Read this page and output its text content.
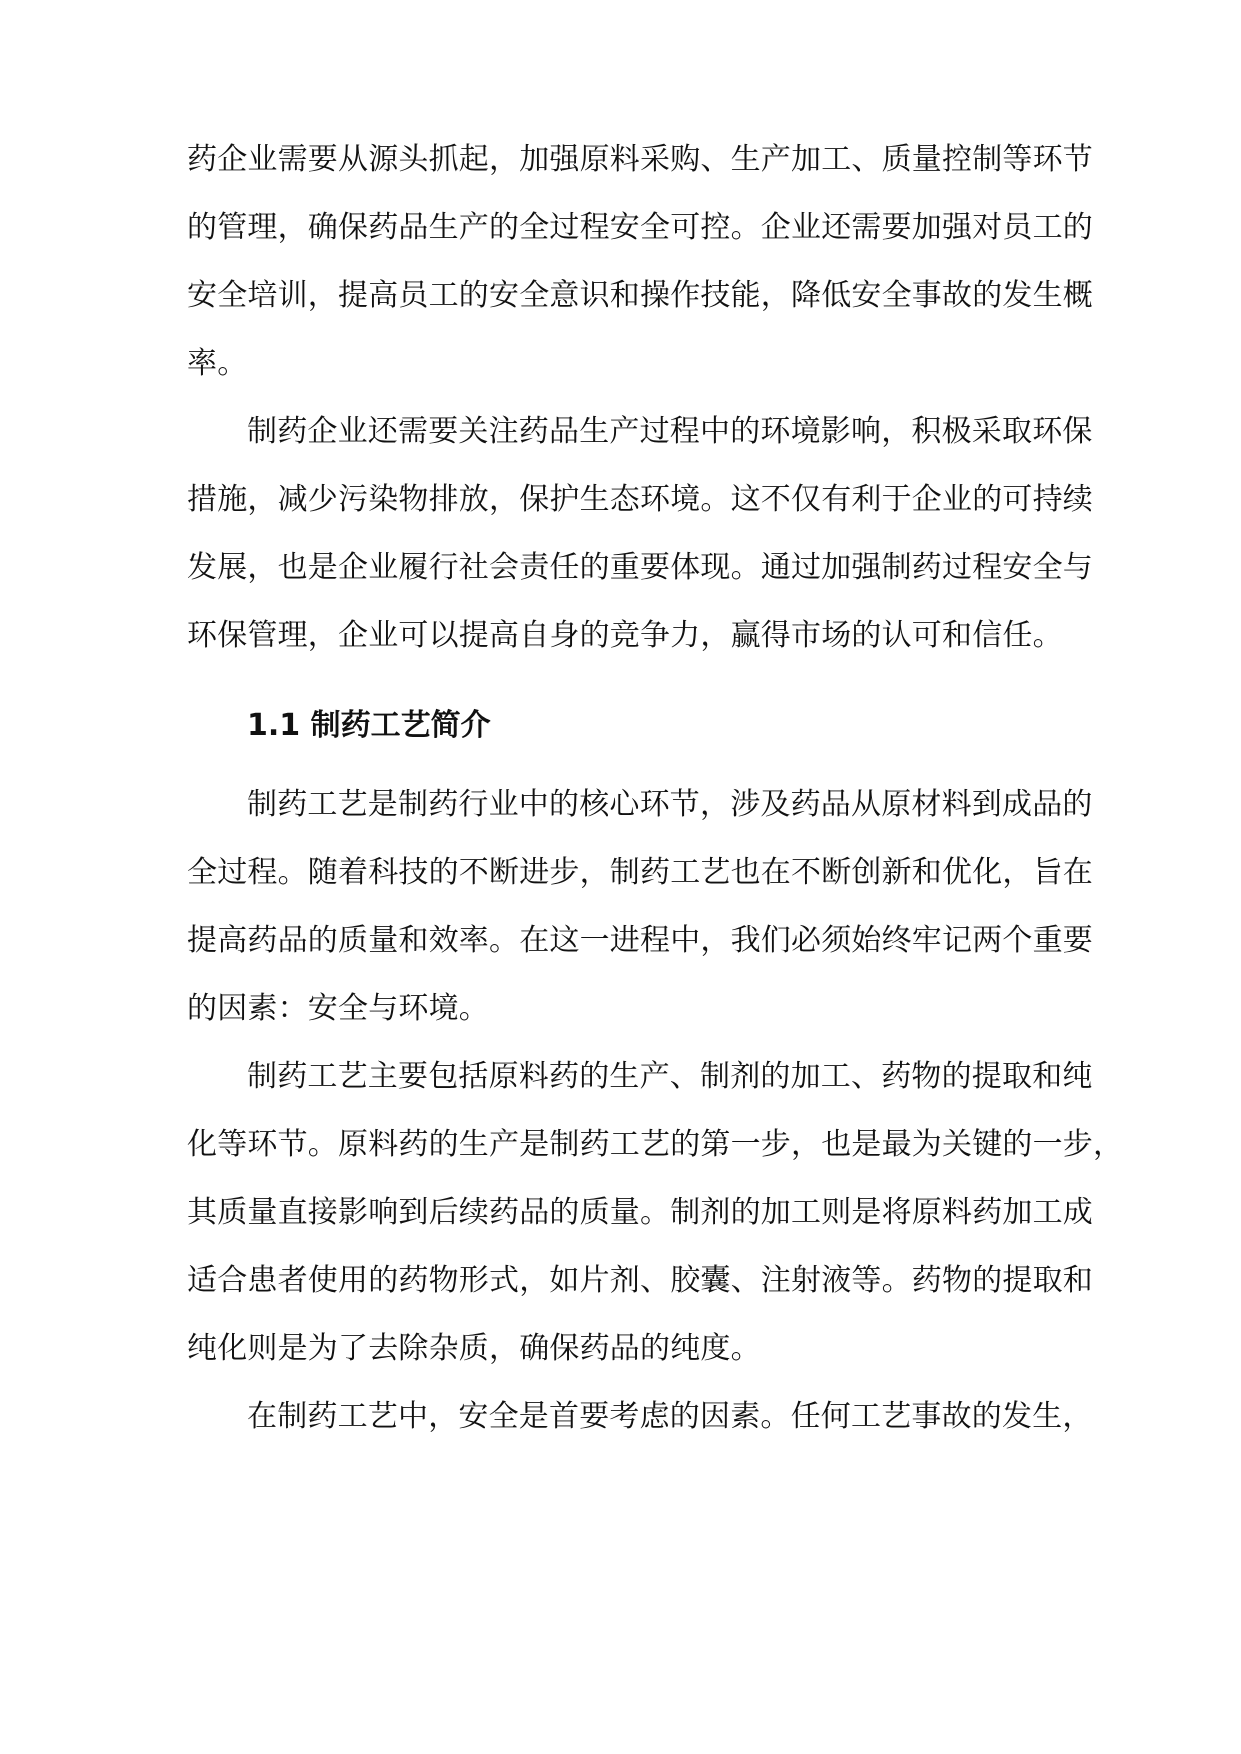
药企业需要从源头抓起，加强原料采购、生产加工、质量控制等环节
的管理，确保药品生产的全过程安全可控。企业还需要加强对员工的
安全培训，提高员工的安全意识和操作技能，降低安全事故的发生概
率。
制药企业还需要关注药品生产过程中的环境影响，积极采取环保
措施，减少污染物排放，保护生态环境。这不仅有利于企业的可持续
发展，也是企业履行社会责任的重要体现。通过加强制药过程安全与
环保管理，企业可以提高自身的竞争力，赢得市场的认可和信任。
1.1 制药工艺简介
制药工艺是制药行业中的核心环节，涉及药品从原材料到成品的
全过程。随着科技的不断进步，制药工艺也在不断创新和优化，旨在
提高药品的质量和效率。在这一进程中，我们必须始终牢记两个重要
的因素：安全与环境。
制药工艺主要包括原料药的生产、制剂的加工、药物的提取和纯
化等环节。原料药的生产是制药工艺的第一步，也是最为关键的一步，
其质量直接影响到后续药品的质量。制剂的加工则是将原料药加工成
适合患者使用的药物形式，如片剂、胶囊、注射液等。药物的提取和
纯化则是为了去除杂质，确保药品的纯度。
在制药工艺中，安全是首要考虑的因素。任何工艺事故的发生，
